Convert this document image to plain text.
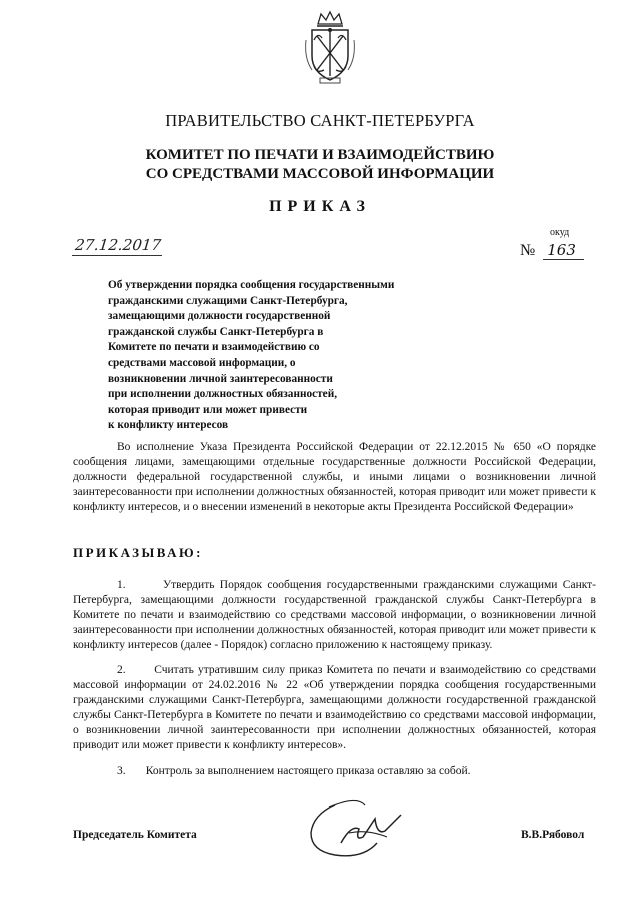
ПРАВИТЕЛЬСТВО САНКТ-ПЕТЕРБУРГА
КОМИТЕТ ПО ПЕЧАТИ И ВЗАИМОДЕЙСТВИЮ
СО СРЕДСТВАМИ МАССОВОЙ ИНФОРМАЦИИ
ПРИКАЗ
27.12.2017
окуд
№ 163
Об утверждении порядка сообщения государственными
гражданскими служащими Санкт-Петербурга,
замещающими должности государственной
гражданской службы Санкт-Петербурга в
Комитете по печати и взаимодействию со
средствами массовой информации, о
возникновении личной заинтересованности
при исполнении должностных обязанностей,
которая приводит или может привести
к конфликту интересов
Во исполнение Указа Президента Российской Федерации от 22.12.2015 № 650 «О порядке сообщения лицами, замещающими отдельные государственные должности Российской Федерации, должности федеральной государственной службы, и иными лицами о возникновении личной заинтересованности при исполнении должностных обязанностей, которая приводит или может привести к конфликту интересов, и о внесении изменений в некоторые акты Президента Российской Федерации»
ПРИКАЗЫВАЮ:
1.	Утвердить Порядок сообщения государственными гражданскими служащими Санкт-Петербурга, замещающими должности государственной гражданской службы Санкт-Петербурга в Комитете по печати и взаимодействию со средствами массовой информации, о возникновении личной заинтересованности при исполнении должностных обязанностей, которая приводит или может привести к конфликту интересов (далее - Порядок) согласно приложению к настоящему приказу.
2. Считать утратившим силу приказ Комитета по печати и взаимодействию со средствами массовой информации от 24.02.2016 № 22 «Об утверждении порядка сообщения государственными гражданскими служащими Санкт-Петербурга, замещающими должности государственной гражданской службы Санкт-Петербурга в Комитете по печати и взаимодействию со средствами массовой информации, о возникновении личной заинтересованности при исполнении должностных обязанностей, которая приводит или может привести к конфликту интересов».
3. Контроль за выполнением настоящего приказа оставляю за собой.
Председатель Комитета	В.В.Рябовол
